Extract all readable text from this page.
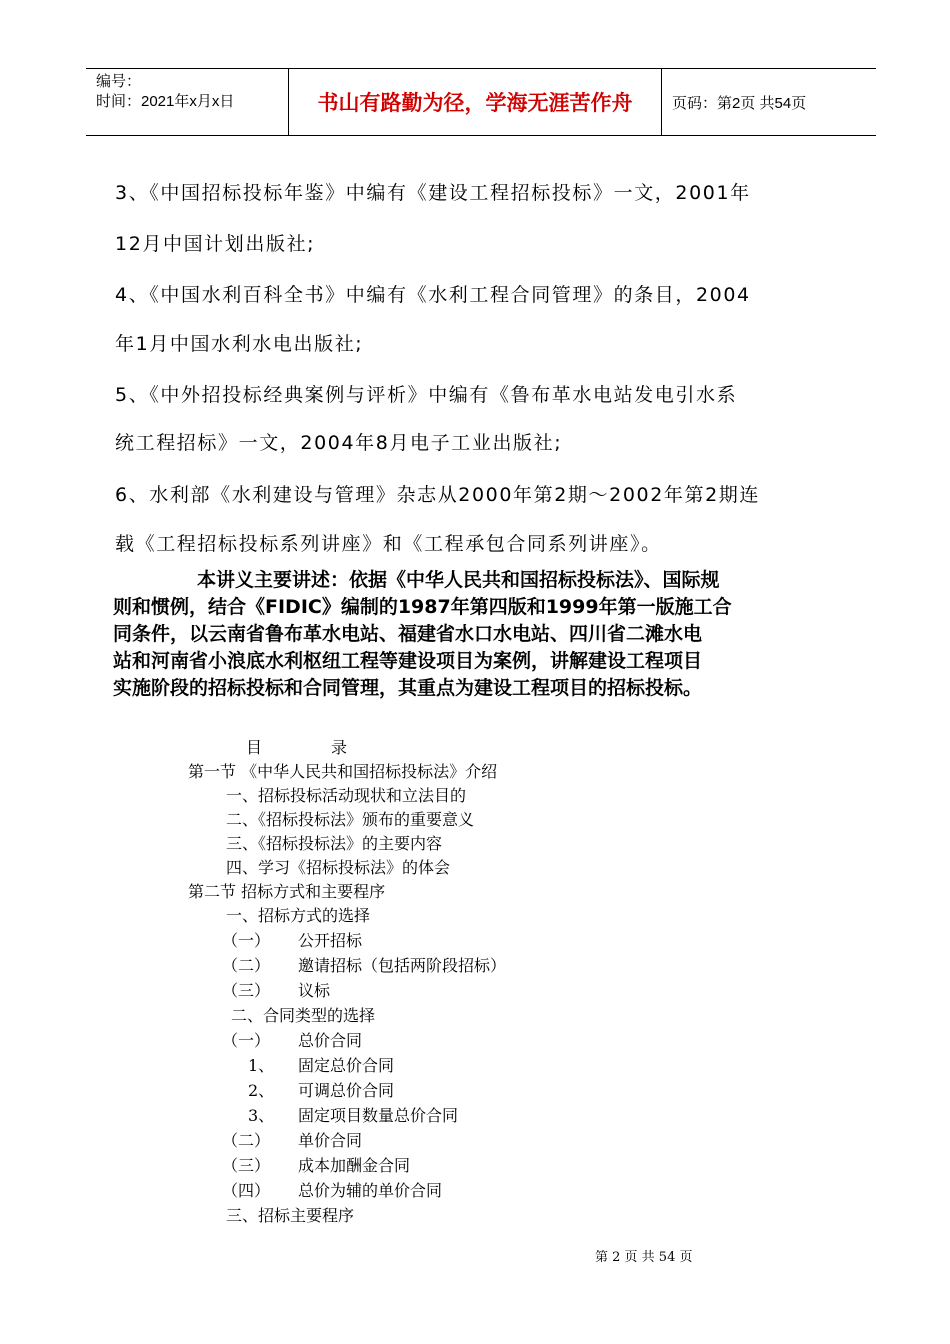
编号：
时间：2021年x月x日	书山有路勤为径，学海无涯苦作舟	页码：第2页 共54页
3、《中国招标投标年鉴》中编有《建设工程招标投标》一文，2001年
12月中国计划出版社;
4、《中国水利百科全书》中编有《水利工程合同管理》的条目，2004
年1月中国水利水电出版社;
5、《中外招投标经典案例与评析》中编有《鲁布革水电站发电引水系
统工程招标》一文，2004年8月电子工业出版社;
6、水利部《水利建设与管理》杂志从2000年第2期～2002年第2期连
载《工程招标投标系列讲座》和《工程承包合同系列讲座》。
本讲义主要讲述：依据《中华人民共和国招标投标法》、国际规
则和惯例，结合《FIDIC》编制的1987年第四版和1999年第一版施工合
同条件，以云南省鲁布革水电站、福建省水口水电站、四川省二滩水电
站和河南省小浪底水利枢纽工程等建设项目为案例，讲解建设工程项目
实施阶段的招标投标和合同管理，其重点为建设工程项目的招标投标。
目	录
第一节 《中华人民共和国招标投标法》介绍
一、招标投标活动现状和立法目的
二、《招标投标法》颁布的重要意义
三、《招标投标法》的主要内容
四、学习《招标投标法》的体会
第二节 招标方式和主要程序
一、招标方式的选择
（一） 公开招标
（二） 邀请招标（包括两阶段招标）
（三） 议标
二、合同类型的选择
（一） 总价合同
1、 固定总价合同
2、 可调总价合同
3、 固定项目数量总价合同
（二） 单价合同
（三） 成本加酬金合同
（四） 总价为辅的单价合同
三、招标主要程序
第 2 页 共 54 页
